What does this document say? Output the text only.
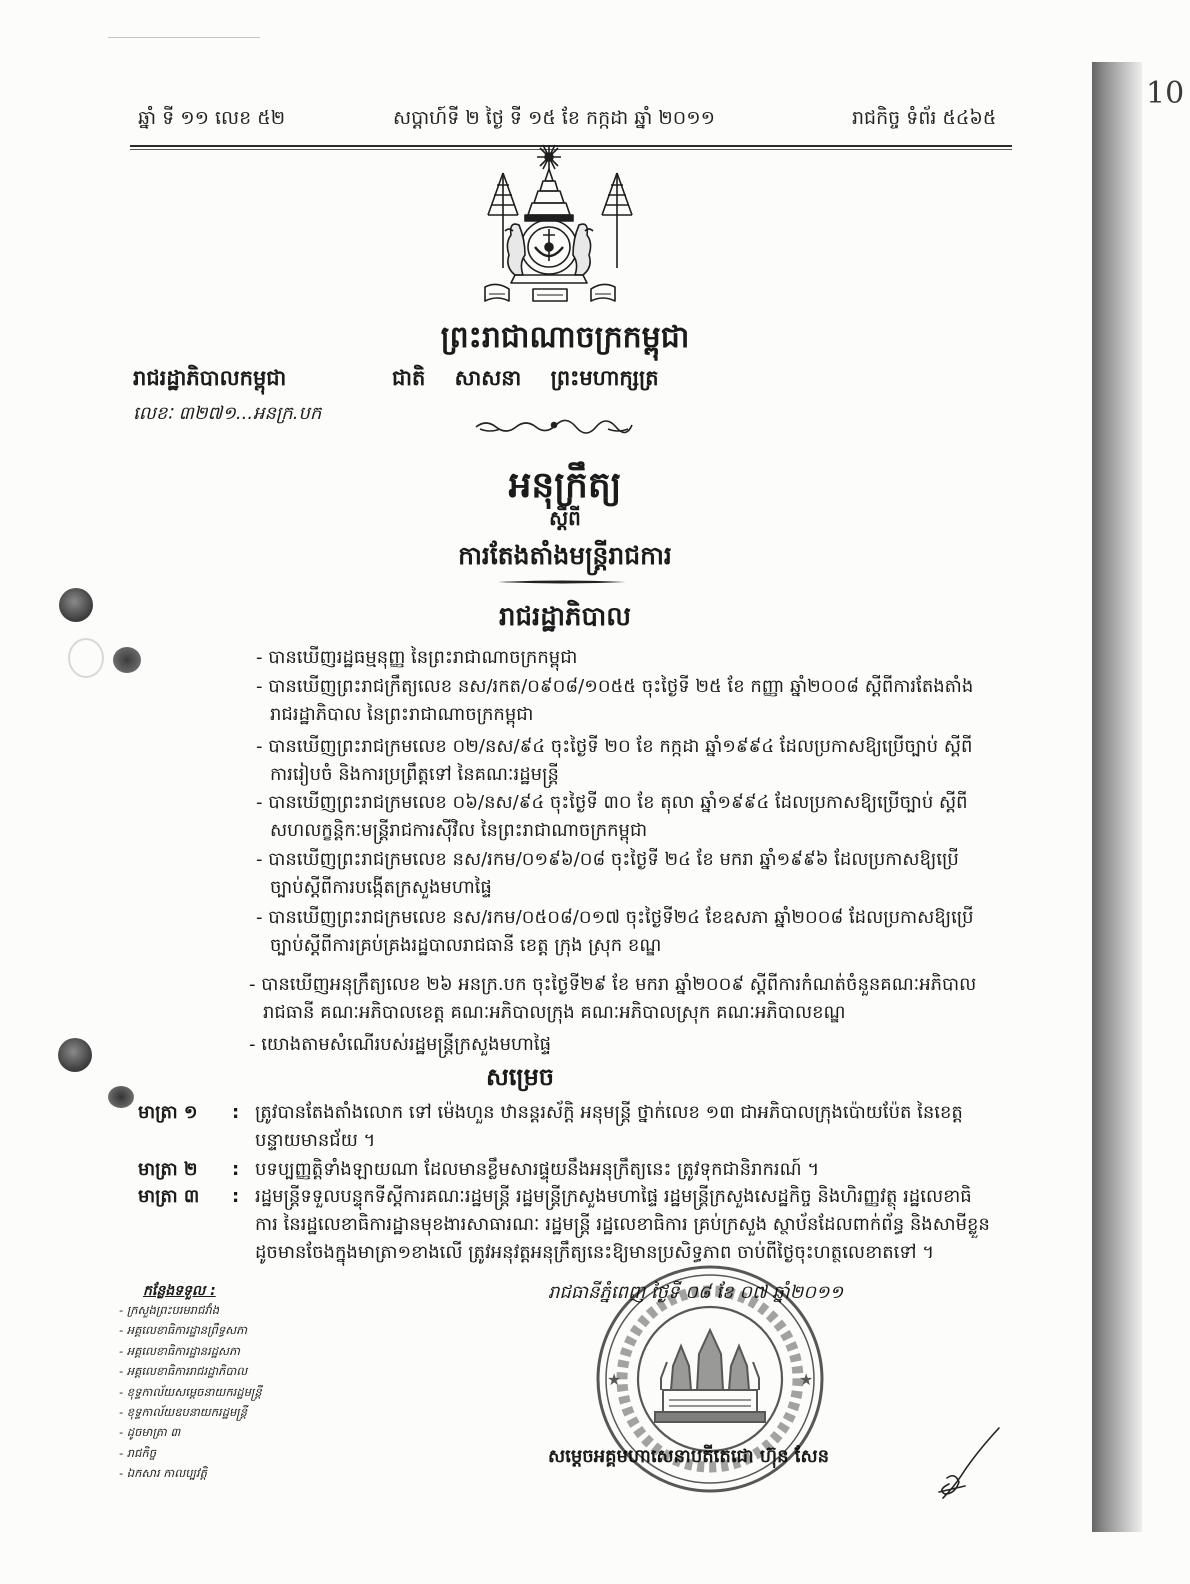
10
ឆ្នាំ ទី ១១ លេខ ៥២	សប្តាហ៍ទី ២ ថ្ងៃ ទី ១៥ ខែ កក្កដា ឆ្នាំ ២០១១	រាជកិច្ច ទំព័រ ៥៤៦៥
ព្រះរាជាណាចក្រកម្ពុជា
រាជរដ្ឋាភិបាលកម្ពុជា	ជាតិ សាសនា ព្រះមហាក្សត្រ
លេខៈ ៣២៧១...អនក្រ.បក
អនុក្រឹត្យ
ស្តីពី
ការតែងតាំងមន្ត្រីរាជការ
រាជរដ្ឋាភិបាល
- បានឃើញរដ្ឋធម្មនុញ្ញ នៃព្រះរាជាណាចក្រកម្ពុជា
- បានឃើញព្រះរាជក្រឹត្យលេខ នស/រកត/០៩០៨/១០៥៥ ចុះថ្ងៃទី ២៥ ខែ កញ្ញា ឆ្នាំ២០០៨ ស្តីពីការតែងតាំង រាជរដ្ឋាភិបាល នៃព្រះរាជាណាចក្រកម្ពុជា
- បានឃើញព្រះរាជក្រមលេខ ០២/នស/៩៤ ចុះថ្ងៃទី ២០ ខែ កក្កដា ឆ្នាំ១៩៩៤ ដែលប្រកាសឱ្យប្រើច្បាប់ ស្តីពី ការរៀបចំ និងការប្រព្រឹត្តទៅ នៃគណៈរដ្ឋមន្ត្រី
- បានឃើញព្រះរាជក្រមលេខ ០៦/នស/៩៤ ចុះថ្ងៃទី ៣០ ខែ តុលា ឆ្នាំ១៩៩៤ ដែលប្រកាសឱ្យប្រើច្បាប់ ស្តីពី សហលក្ខន្តិកៈមន្ត្រីរាជការស៊ីវិល នៃព្រះរាជាណាចក្រកម្ពុជា
- បានឃើញព្រះរាជក្រមលេខ នស/រកម/០១៩៦/០៨ ចុះថ្ងៃទី ២៤ ខែ មករា ឆ្នាំ១៩៩៦ ដែលប្រកាសឱ្យប្រើ ច្បាប់ស្តីពីការបង្កើតក្រសួងមហាផ្ទៃ
- បានឃើញព្រះរាជក្រមលេខ នស/រកម/០៥០៨/០១៧ ចុះថ្ងៃទី២៤ ខែឧសភា ឆ្នាំ២០០៨ ដែលប្រកាសឱ្យប្រើ ច្បាប់ស្តីពីការគ្រប់គ្រងរដ្ឋបាលរាជធានី ខេត្ត ក្រុង ស្រុក ខណ្ឌ
- បានឃើញអនុក្រឹត្យលេខ ២៦ អនក្រ.បក ចុះថ្ងៃទី២៩ ខែ មករា ឆ្នាំ២០០៩ ស្តីពីការកំណត់ចំនួនគណៈអភិបាល រាជធានី គណៈអភិបាលខេត្ត គណៈអភិបាលក្រុង គណៈអភិបាលស្រុក គណៈអភិបាលខណ្ឌ
- យោងតាមសំណើរបស់រដ្ឋមន្ត្រីក្រសួងមហាផ្ទៃ
សម្រេច
មាត្រា ១ : ត្រូវបានតែងតាំងលោក ទៅ ម៉េងហួន ឋានន្តរស័ក្តិ អនុមន្ត្រី ថ្នាក់លេខ ១៣ ជាអភិបាលក្រុងប៉ោយប៉ែត នៃខេត្តបន្ទាយមានជ័យ ។
មាត្រា ២ : បទប្បញ្ញត្តិទាំងឡាយណា ដែលមានខ្លឹមសារផ្ទុយនឹងអនុក្រឹត្យនេះ ត្រូវទុកជានិរាករណ៍ ។
មាត្រា ៣ : រដ្ឋមន្ត្រីទទួលបន្ទុកទីស្តីការគណៈរដ្ឋមន្ត្រី រដ្ឋមន្ត្រីក្រសួងមហាផ្ទៃ រដ្ឋមន្ត្រីក្រសួងសេដ្ឋកិច្ច និងហិរញ្ញវត្ថុ រដ្ឋលេខាធិការ នៃរដ្ឋលេខាធិការដ្ឋានមុខងារសាធារណៈ រដ្ឋមន្ត្រី រដ្ឋលេខាធិការ គ្រប់ក្រសួង ស្ថាប័នដែលពាក់ព័ន្ធ និងសាមីខ្លួន ដូចមានចែងក្នុងមាត្រា១ខាងលើ ត្រូវអនុវត្តអនុក្រឹត្យនេះឱ្យមានប្រសិទ្ធភាព ចាប់ពីថ្ងៃចុះហត្ថលេខាតទៅ ។
រាជធានីភ្នំពេញ ថ្ងៃទី ០៨ ខែ ០៧ ឆ្នាំ២០១១
កន្លែងទទួល :
- ក្រសួងព្រះបរមរាជវាំង
- អគ្គលេខាធិការដ្ឋានព្រឹទ្ធសភា
- អគ្គលេខាធិការដ្ឋានរដ្ឋសភា
- អគ្គលេខាធិការរាជរដ្ឋាភិបាល
- ខុទ្ទកាល័យសម្តេចនាយករដ្ឋមន្ត្រី
- ខុទ្ទកាល័យឧបនាយករដ្ឋមន្ត្រី
- ដូចមាត្រា ៣
- រាជកិច្ច
- ឯកសារ កាលប្បវត្តិ
សម្តេចអគ្គមហាសេនាបតីតេជោ ហ៊ុន សែន
★	★
